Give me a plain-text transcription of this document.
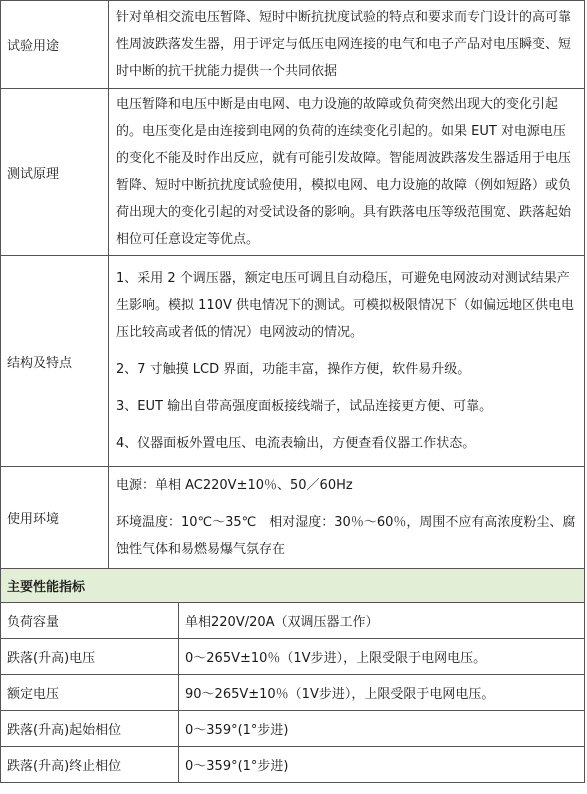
试验用途	针对单相交流电压暂降、短时中断抗扰度试验的特点和要求而专门设计的高可靠性周波跌落发生器，用于评定与低压电网连接的电气和电子产品对电压瞬变、短时中断的抗干扰能力提供一个共同依据	

测试原理	电压暂降和电压中断是由电网、电力设施的故障或负荷突然出现大的变化引起的。电压变化是由连接到电网的负荷的连续变化引起的。如果 EUT 对电源电压的变化不能及时作出反应，就有可能引发故障。智能周波跌落发生器适用于电压暂降、短时中断抗扰度试验使用，模拟电网、电力设施的故障（例如短路）或负荷出现大的变化引起的对受试设备的影响。具有跌落电压等级范围宽、跌落起始相位可任意设定等优点。	

结构及特点	1、采用 2 个调压器，额定电压可调且自动稳压，可避免电网波动对测试结果产生影响。模拟 110V 供电情况下的测试。可模拟极限情况下（如偏远地区供电电压比较高或者低的情况）电网波动的情况。

2、7 寸触摸 LCD 界面，功能丰富，操作方便，软件易升级。

3、EUT 输出自带高强度面板接线端子，试品连接更方便、可靠。

4、仪器面板外置电压、电流表输出，方便查看仪器工作状态。	

使用环境	电源：单相 AC220V±10％、50／60Hz

环境温度：10℃～35℃　相对湿度：30％～60％，周围不应有高浓度粉尘、腐蚀性气体和易燃易爆气氛存在	

主要性能指标		
负荷容量		单相220V/20A（双调压器工作）
跌落(升高)电压		0～265V±10％（1V步进），上限受限于电网电压。
额定电压		90～265V±10％（1V步进），上限受限于电网电压。
跌落(升高)起始相位		0～359°(1°步进)
跌落(升高)终止相位		0～359°(1°步进)
